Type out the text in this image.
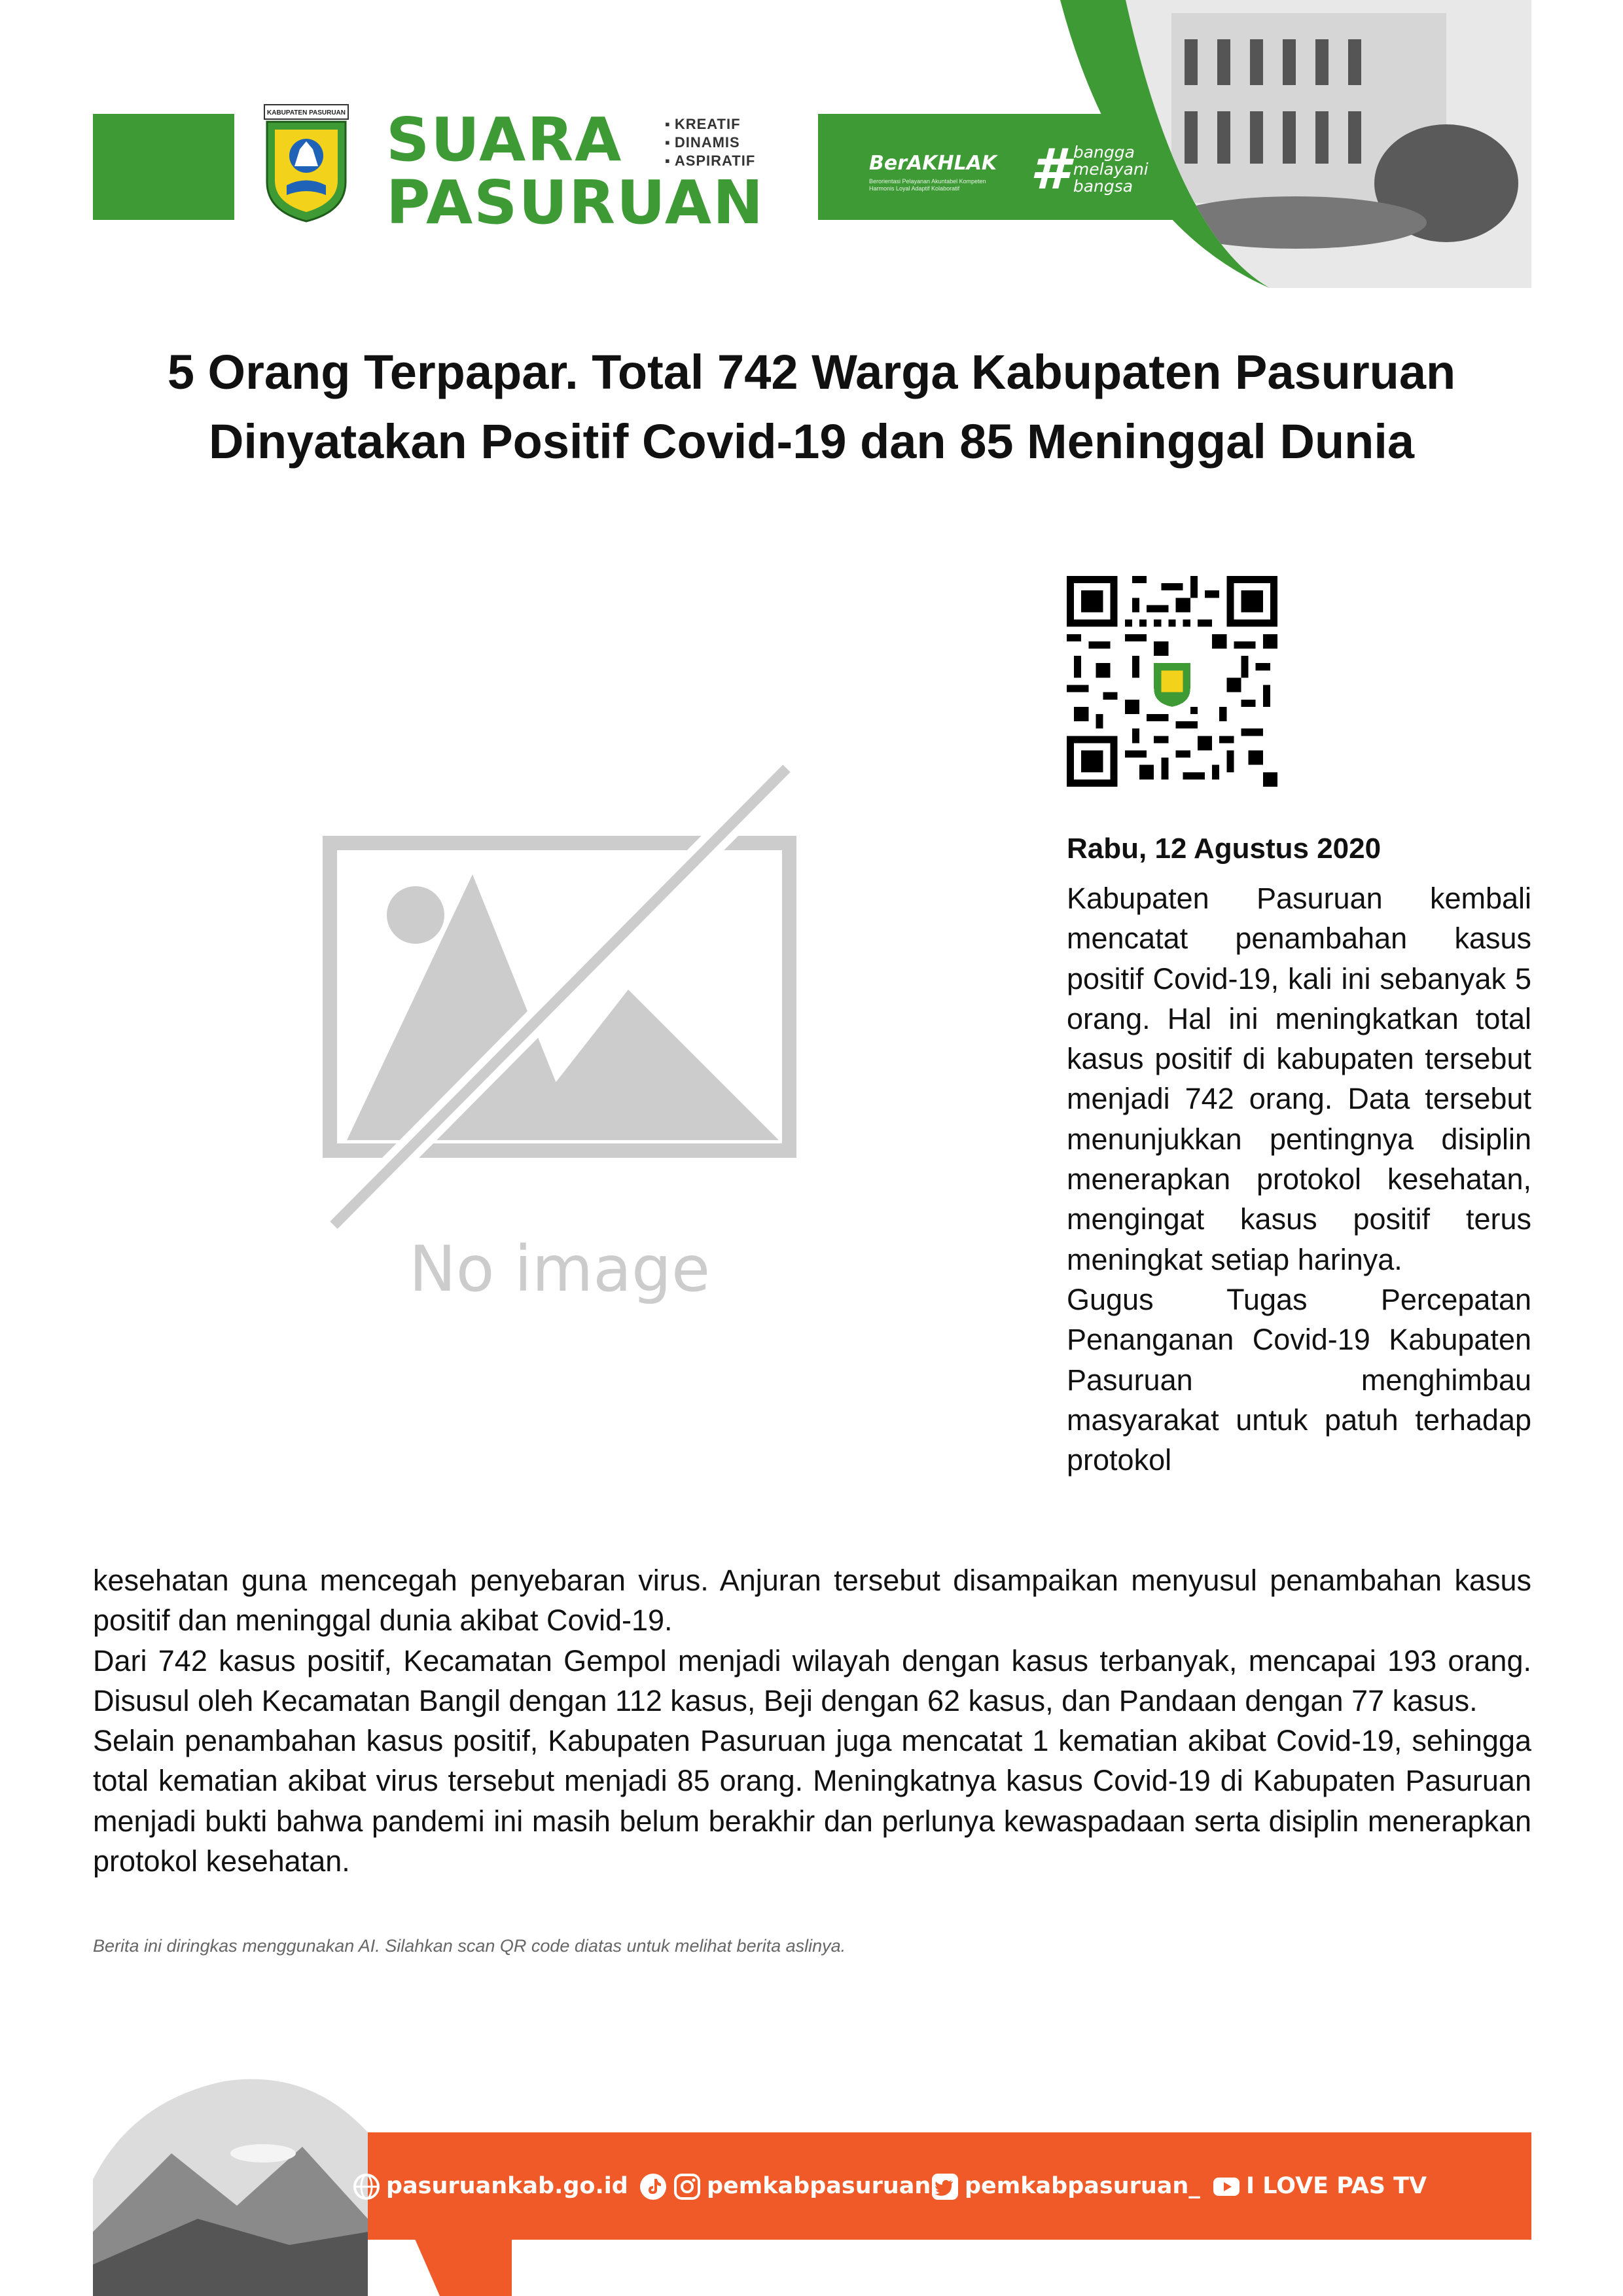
KABUPATEN PASURUAN SUARA
PASURUAN
▪ KREATIF
▪ DINAMIS
▪ ASPIRATIF	BerAKHLAK
Berorientasi Pelayanan Akuntabel Kompeten Harmonis Loyal Adaptif Kolaboratif	# bangga
melayani
bangsa
5 Orang Terpapar. Total 742 Warga Kabupaten Pasuruan Dinyatakan Positif Covid-19 dan 85 Meninggal Dunia
No image
Rabu, 12 Agustus 2020

Kabupaten Pasuruan kembali mencatat penambahan kasus positif Covid-19, kali ini sebanyak 5 orang. Hal ini meningkatkan total kasus positif di kabupaten tersebut menjadi 742 orang. Data tersebut menunjukkan pentingnya disiplin menerapkan protokol kesehatan, mengingat kasus positif terus meningkat setiap harinya.

Gugus Tugas Percepatan Penanganan Covid-19 Kabupaten Pasuruan menghimbau masyarakat untuk patuh terhadap protokol

kesehatan guna mencegah penyebaran virus. Anjuran tersebut disampaikan menyusul penambahan kasus positif dan meninggal dunia akibat Covid-19.

Dari 742 kasus positif, Kecamatan Gempol menjadi wilayah dengan kasus terbanyak, mencapai 193 orang. Disusul oleh Kecamatan Bangil dengan 112 kasus, Beji dengan 62 kasus, dan Pandaan dengan 77 kasus.

Selain penambahan kasus positif, Kabupaten Pasuruan juga mencatat 1 kematian akibat Covid-19, sehingga total kematian akibat virus tersebut menjadi 85 orang. Meningkatnya kasus Covid-19 di Kabupaten Pasuruan menjadi bukti bahwa pandemi ini masih belum berakhir dan perlunya kewaspadaan serta disiplin menerapkan protokol kesehatan.

Berita ini diringkas menggunakan AI. Silahkan scan QR code diatas untuk melihat berita aslinya.
pasuruankab.go.id	pemkabpasuruan	pemkabpasuruan_	I LOVE PAS TV
